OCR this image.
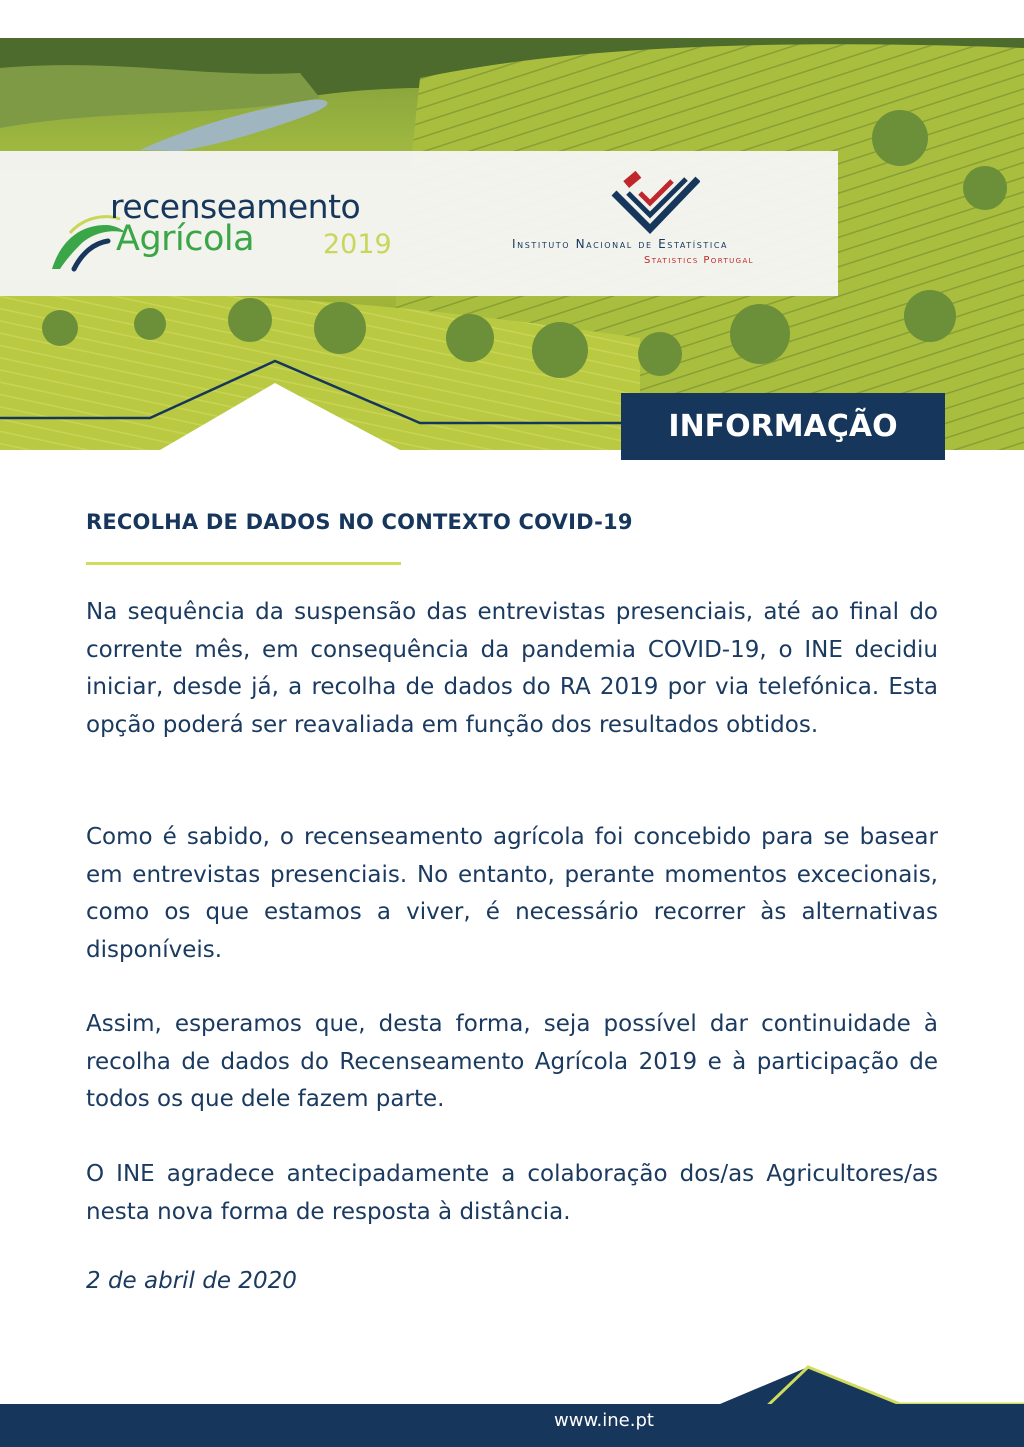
recenseamento
Agrícola	2019	Instituto Nacional de Estatística
Statistics Portugal
INFORMAÇÃO
RECOLHA DE DADOS NO CONTEXTO COVID-19

Na sequência da suspensão das entrevistas presenciais, até ao final do corrente mês, em consequência da pandemia COVID-19, o INE decidiu iniciar, desde já, a recolha de dados do RA 2019 por via telefónica. Esta opção poderá ser reavaliada em função dos resultados obtidos.

Como é sabido, o recenseamento agrícola foi concebido para se basear em entrevistas presenciais. No entanto, perante momentos excecionais, como os que estamos a viver, é necessário recorrer às alternativas disponíveis.

Assim, esperamos que, desta forma, seja possível dar continuidade à recolha de dados do Recenseamento Agrícola 2019 e à participação de todos os que dele fazem parte.

O INE agradece antecipadamente a colaboração dos/as Agricultores/as nesta nova forma de resposta à distância.

2 de abril de 2020
www.ine.pt
